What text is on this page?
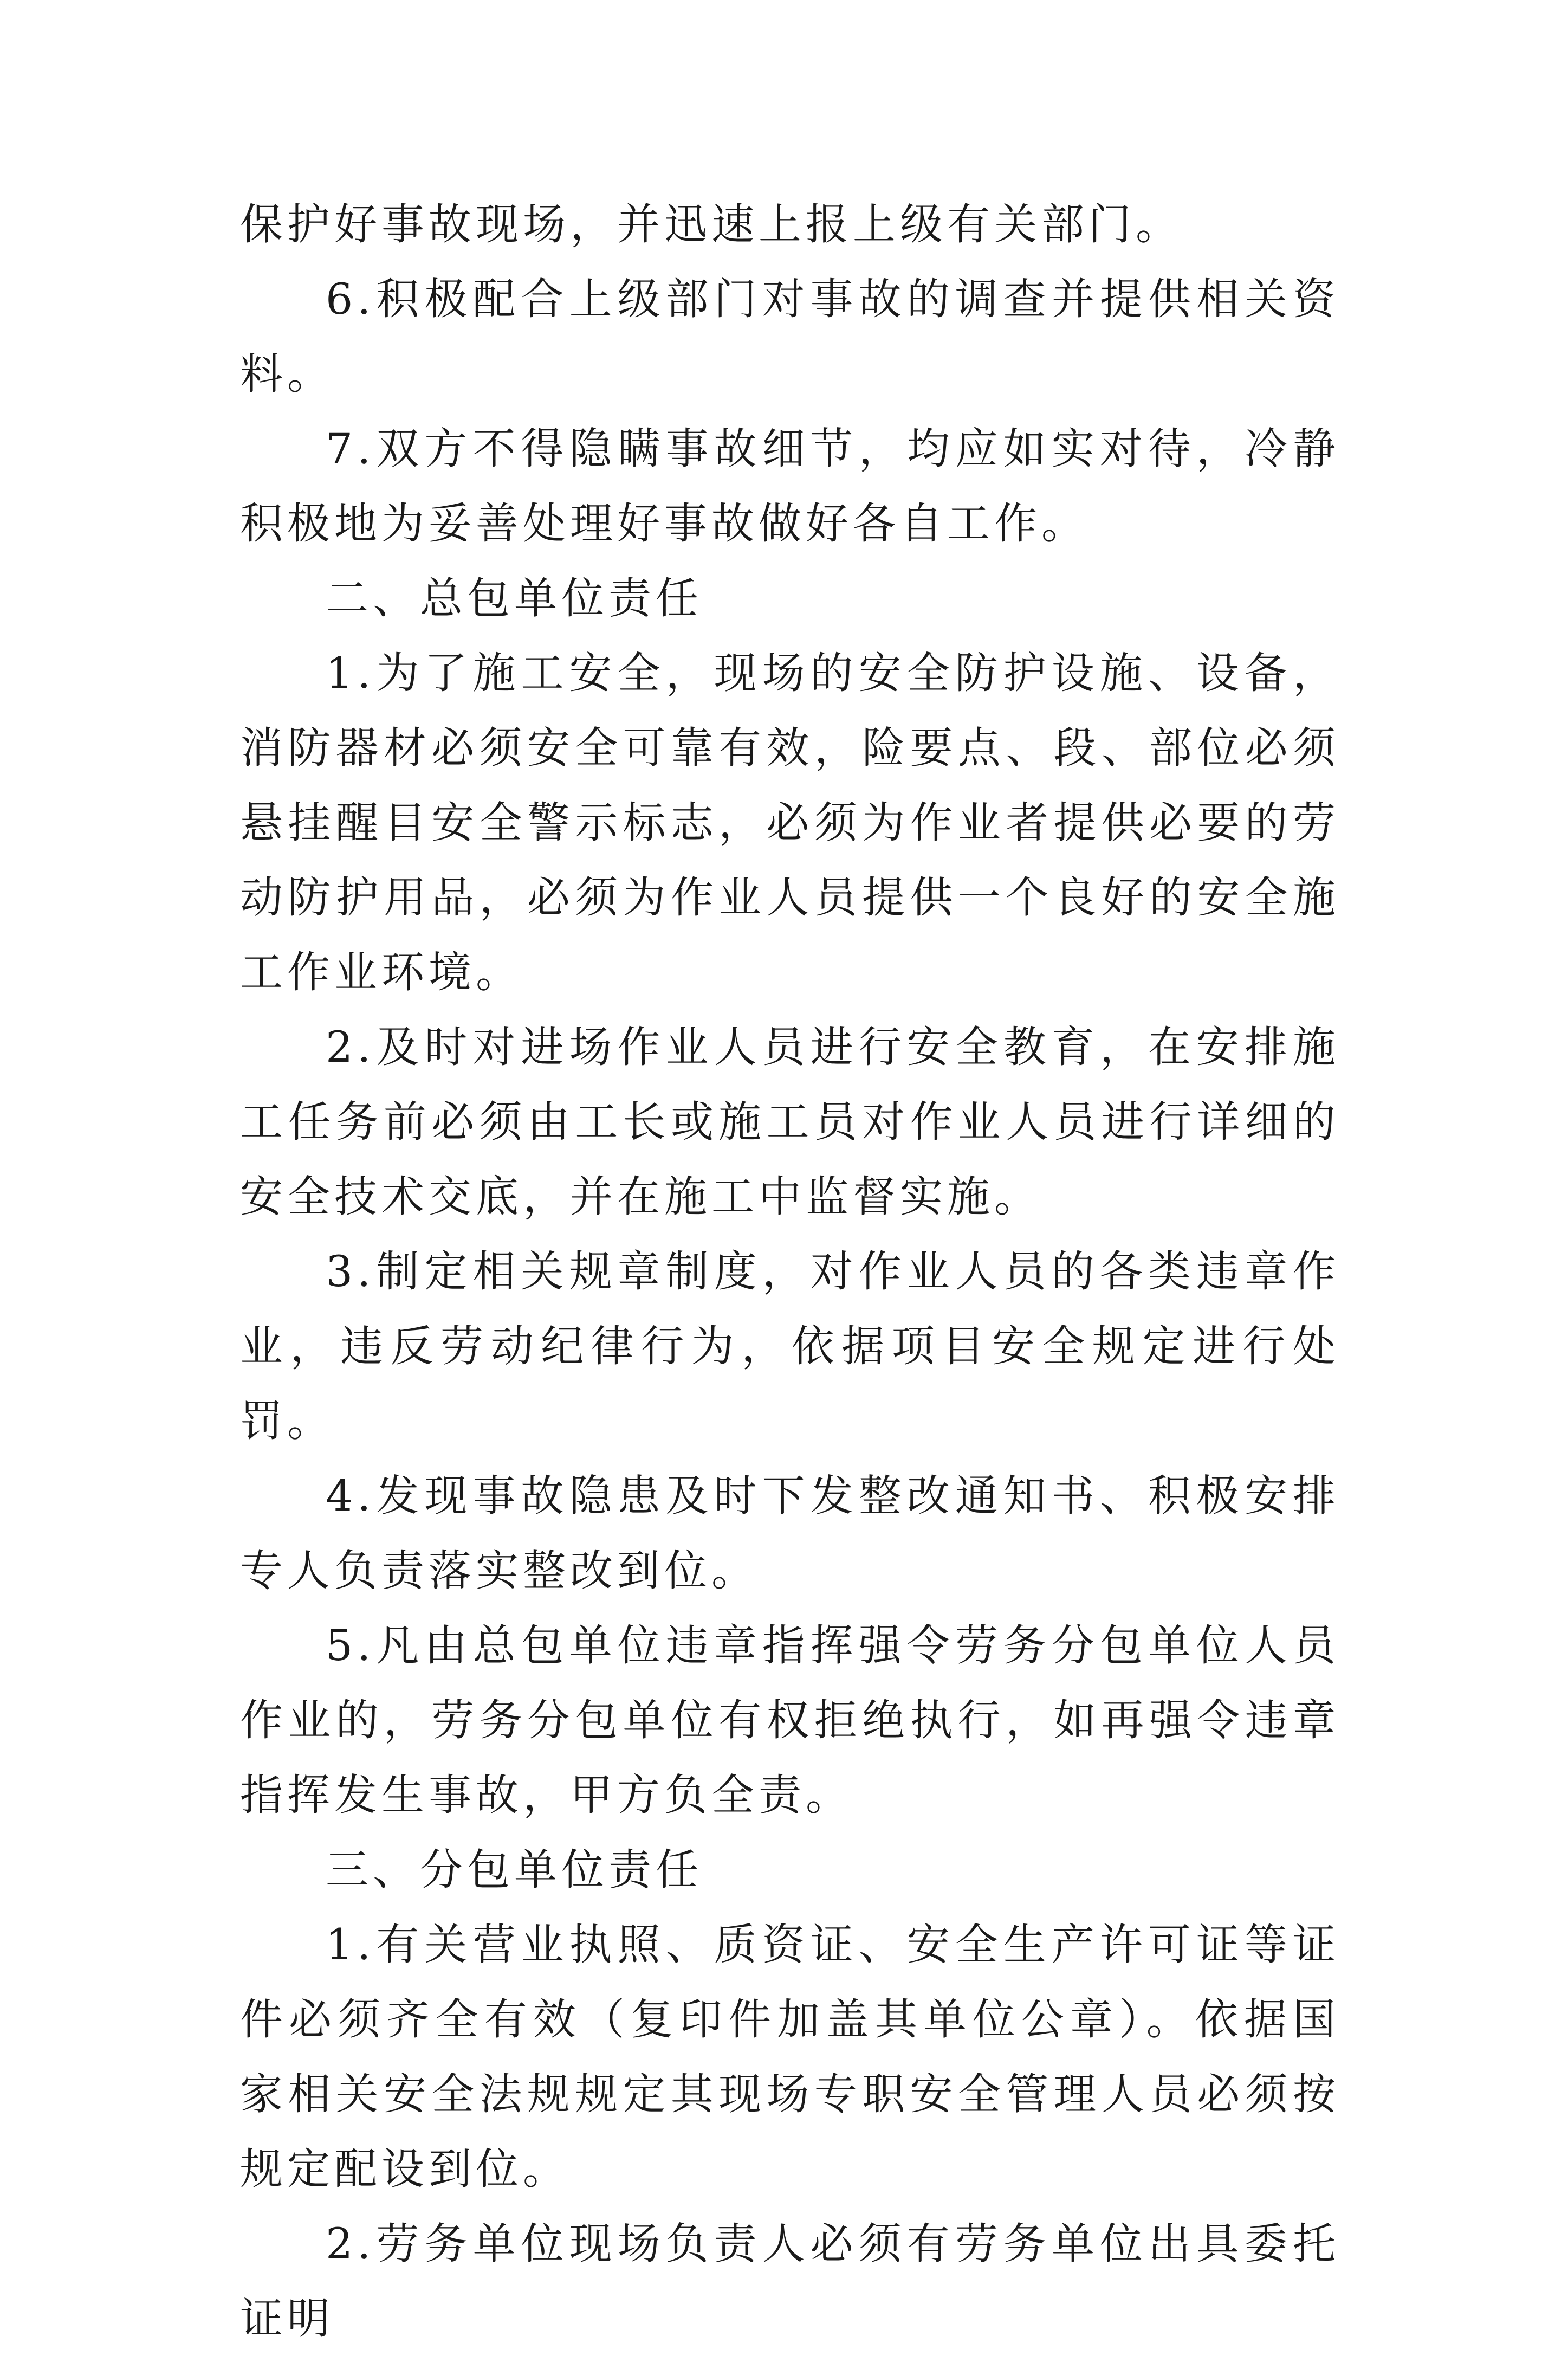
保护好事故现场，并迅速上报上级有关部门。

6.积极配合上级部门对事故的调查并提供相关资料。

7.双方不得隐瞒事故细节，均应如实对待，冷静积极地为妥善处理好事故做好各自工作。

二、总包单位责任

1.为了施工安全，现场的安全防护设施、设备，消防器材必须安全可靠有效，险要点、段、部位必须悬挂醒目安全警示标志，必须为作业者提供必要的劳动防护用品，必须为作业人员提供一个良好的安全施工作业环境。

2.及时对进场作业人员进行安全教育，在安排施工任务前必须由工长或施工员对作业人员进行详细的安全技术交底，并在施工中监督实施。

3.制定相关规章制度，对作业人员的各类违章作业，违反劳动纪律行为，依据项目安全规定进行处罚。

4.发现事故隐患及时下发整改通知书、积极安排专人负责落实整改到位。

5.凡由总包单位违章指挥强令劳务分包单位人员作业的，劳务分包单位有权拒绝执行，如再强令违章指挥发生事故，甲方负全责。

三、分包单位责任

1.有关营业执照、质资证、安全生产许可证等证件必须齐全有效（复印件加盖其单位公章）。依据国家相关安全法规规定其现场专职安全管理人员必须按规定配设到位。

2.劳务单位现场负责人必须有劳务单位出具委托证明
